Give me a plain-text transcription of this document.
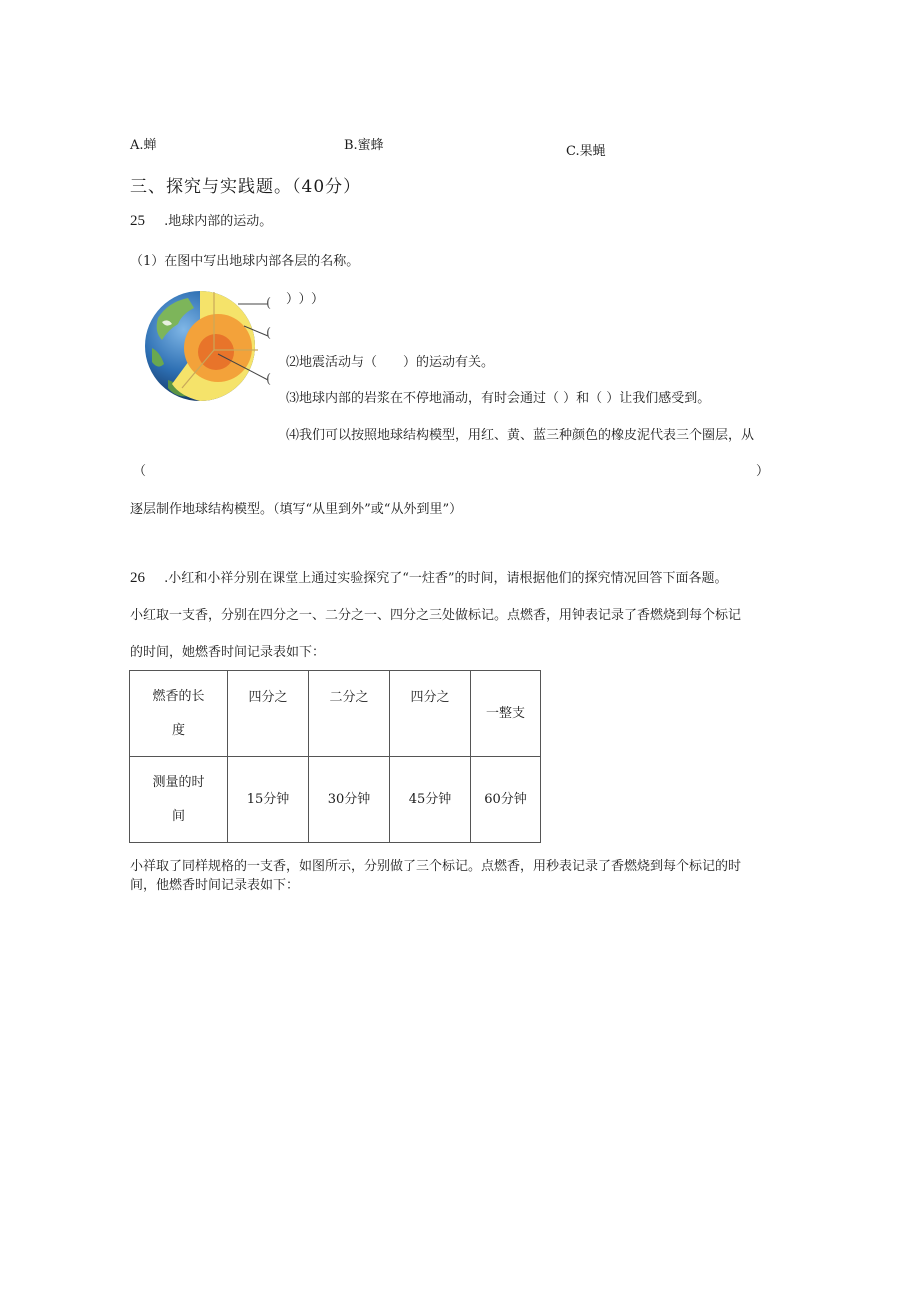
A.蝉	B.蜜蜂	C.果蝇
三、探究与实践题。（40分）
25 .地球内部的运动。
（1）在图中写出地球内部各层的名称。
(
(
(
）））
⑵地震活动与（　　）的运动有关。
⑶地球内部的岩浆在不停地涌动，有时会通过（ ）和（ ）让我们感受到。
⑷我们可以按照地球结构模型，用红、黄、蓝三种颜色的橡皮泥代表三个圈层，从
（	）
逐层制作地球结构模型。（填写“从里到外”或“从外到里”）
26 .小红和小祥分别在课堂上通过实验探究了“一炷香”的时间，请根据他们的探究情况回答下面各题。
小红取一支香，分别在四分之一、二分之一、四分之三处做标记。点燃香，用钟表记录了香燃烧到每个标记
的时间，她燃香时间记录表如下：
燃香的长
度	四分之	二分之	四分之	一整支

测量的时
间	15分钟	30分钟	45分钟	60分钟
小祥取了同样规格的一支香，如图所示，分别做了三个标记。点燃香，用秒表记录了香燃烧到每个标记的时
间，他燃香时间记录表如下：
